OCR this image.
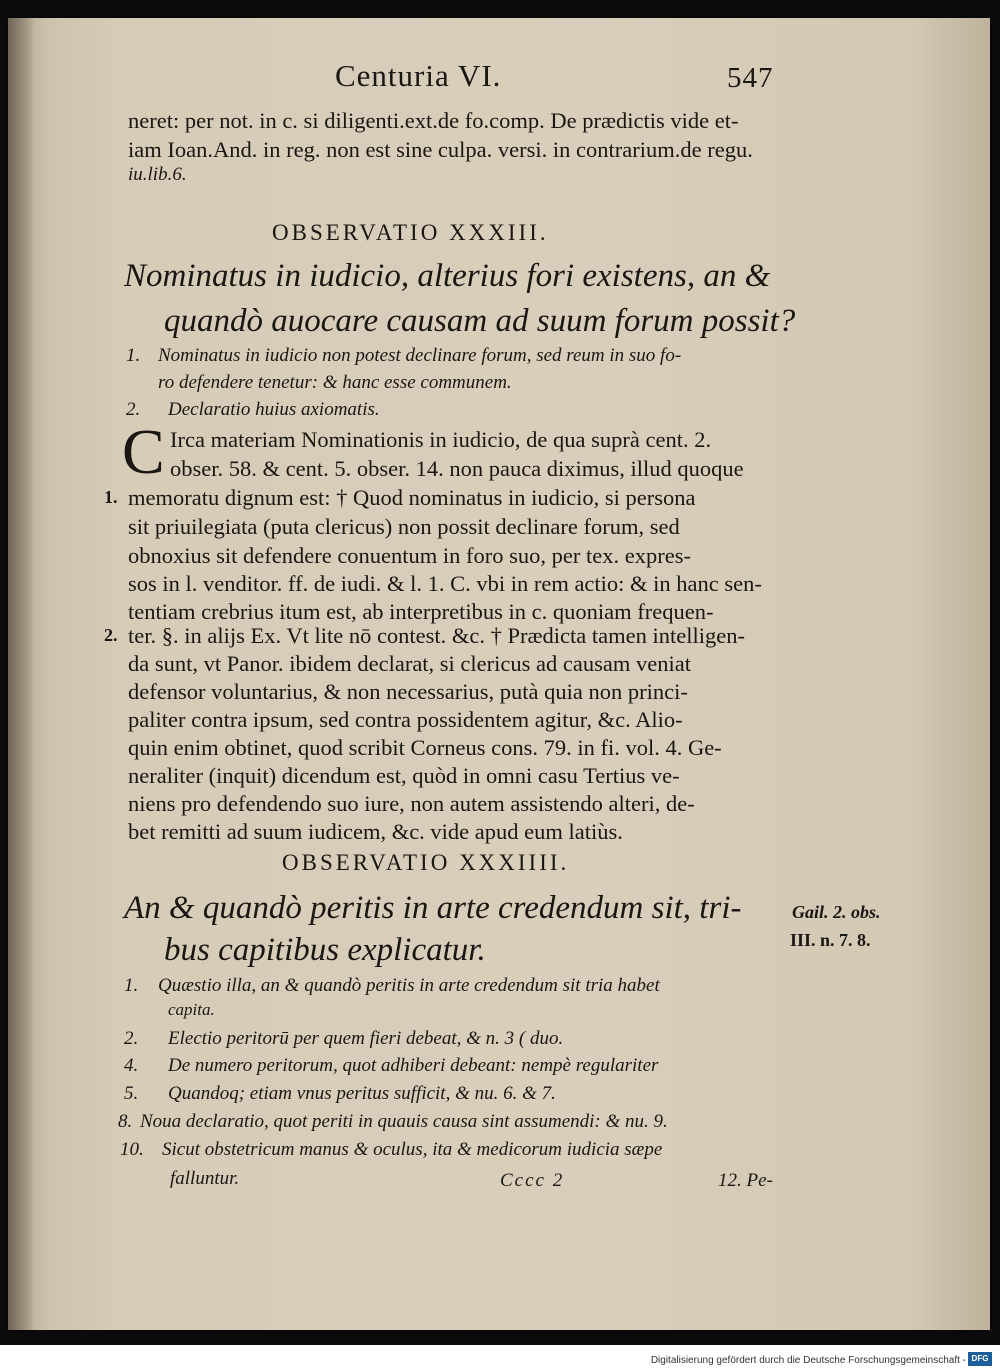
Centuria VI.	547

neret: per not. in c. si diligenti.ext.de fo.comp. De prædictis vide et-

iam Ioan.And. in reg. non est sine culpa. versi. in contrarium.de regu.

iu.lib.6.

OBSERVATIO XXXIII.

Nominatus in iudicio, alterius fori existens, an &

quandò auocare causam ad suum forum possit?

1. Nominatus in iudicio non potest declinare forum, sed reum in suo fo-

ro defendere tenetur: & hanc esse communem.

2. Declaratio huius axiomatis.

C Irca materiam Nominationis in iudicio, de qua suprà cent. 2.

obser. 58. & cent. 5. obser. 14. non pauca diximus, illud quoque

1. memoratu dignum est: † Quod nominatus in iudicio, si persona

sit priuilegiata (puta clericus) non possit declinare forum, sed

obnoxius sit defendere conuentum in foro suo, per tex. expres-

sos in l. venditor. ff. de iudi. & l. 1. C. vbi in rem actio: & in hanc sen-

tentiam crebrius itum est, ab interpretibus in c. quoniam frequen-

2. ter. §. in alijs Ex. Vt lite nō contest. &c. † Prædicta tamen intelligen-

da sunt, vt Panor. ibidem declarat, si clericus ad causam veniat

defensor voluntarius, & non necessarius, putà quia non princi-

paliter contra ipsum, sed contra possidentem agitur, &c. Alio-

quin enim obtinet, quod scribit Corneus cons. 79. in fi. vol. 4. Ge-

neraliter (inquit) dicendum est, quòd in omni casu Tertius ve-

niens pro defendendo suo iure, non autem assistendo alteri, de-

bet remitti ad suum iudicem, &c. vide apud eum latiùs.

OBSERVATIO XXXIIII.

An & quandò peritis in arte credendum sit, tri-

bus capitibus explicatur.

Gail. 2. obs.

III. n. 7. 8.

1. Quæstio illa, an & quandò peritis in arte credendum sit tria habet

capita.

2. Electio peritorū per quem fieri debeat, & n. 3 ( duo.

4. De numero peritorum, quot adhiberi debeant: nempè regulariter

5. Quandoq; etiam vnus peritus sufficit, & nu. 6. & 7.

8. Noua declaratio, quot periti in quauis causa sint assumendi: & nu. 9.

10. Sicut obstetricum manus & oculus, ita & medicorum iudicia sæpe

falluntur.	Cccc 2	12. Pe-

Digitalisierung gefördert durch die Deutsche Forschungsgemeinschaft - DFG
